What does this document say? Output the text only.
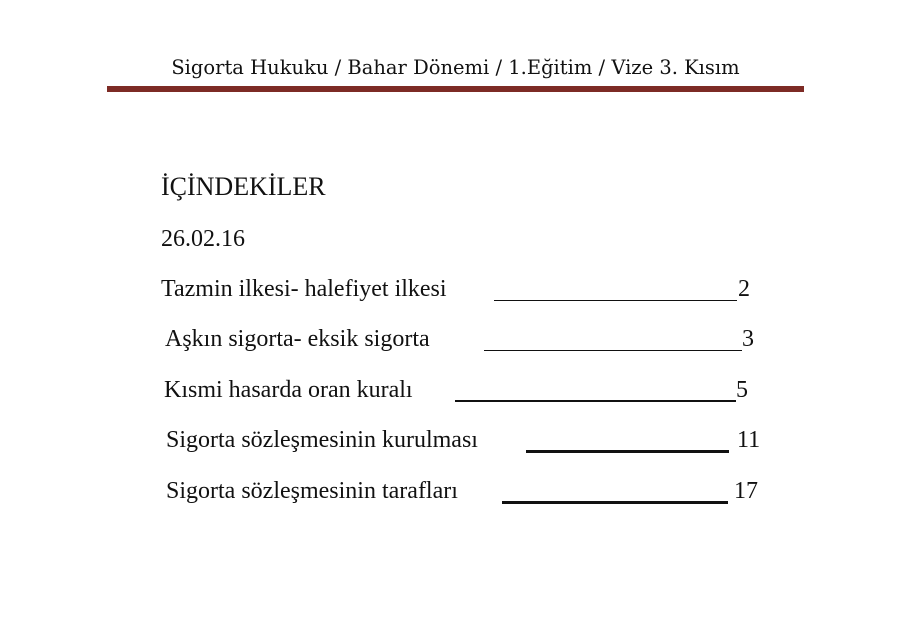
Sigorta Hukuku / Bahar Dönemi / 1.Eğitim / Vize 3. Kısım
İÇİNDEKİLER
26.02.16
Tazmin ilkesi- halefiyet ilkesi	2
Aşkın sigorta- eksik sigorta	3
Kısmi hasarda oran kuralı	5
Sigorta sözleşmesinin kurulması	11
Sigorta sözleşmesinin tarafları	17
